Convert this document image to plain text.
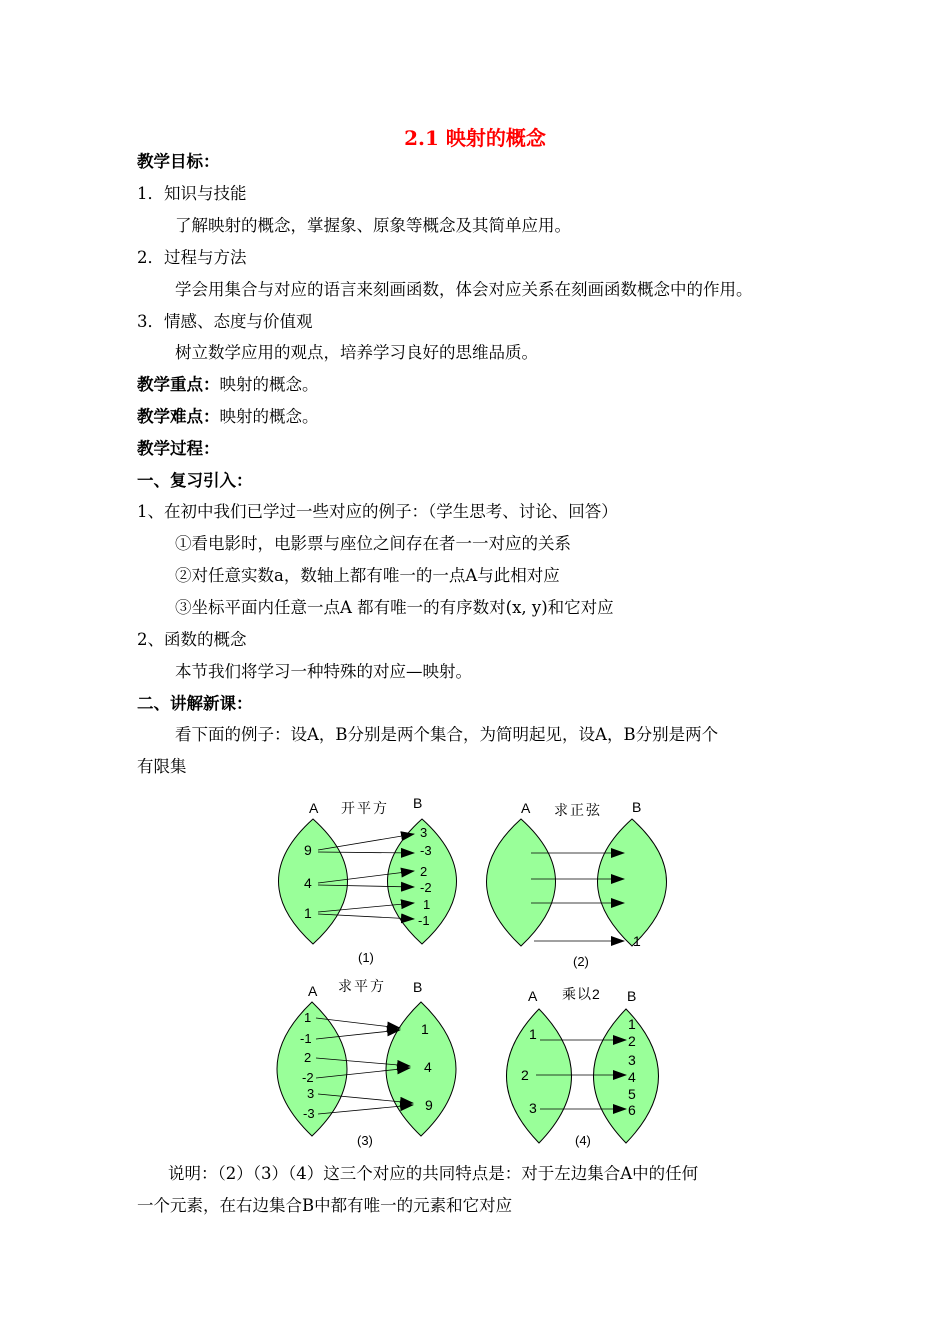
2.1 映射的概念
教学目标：
1．知识与技能
了解映射的概念，掌握象、原象等概念及其简单应用。
2．过程与方法
学会用集合与对应的语言来刻画函数，体会对应关系在刻画函数概念中的作用。
3．情感、态度与价值观
树立数学应用的观点，培养学习良好的思维品质。
教学重点：映射的概念。
教学难点：映射的概念。
教学过程：
一、复习引入：
1、在初中我们已学过一些对应的例子：（学生思考、讨论、回答）
①看电影时，电影票与座位之间存在者一一对应的关系
②对任意实数a，数轴上都有唯一的一点A与此相对应
③坐标平面内任意一点A 都有唯一的有序数对(x, y)和它对应
2、函数的概念
本节我们将学习一种特殊的对应—映射。
二、讲解新课：
看下面的例子：设A，B分别是两个集合，为简明起见，设A，B分别是两个
有限集
A 开平方 B
9
4
1
3
-3
2
-2
1
-1
(1)
A 求正弦 B
1
(2)
A 求平方 B
1
-1
2
-2
3
-3
1
4
9
(3)
A 乘以2 B
1
2
3
1
2
3
4
5
6
(4)
说明：（2）（3）（4）这三个对应的共同特点是：对于左边集合A中的任何
一个元素，在右边集合B中都有唯一的元素和它对应
